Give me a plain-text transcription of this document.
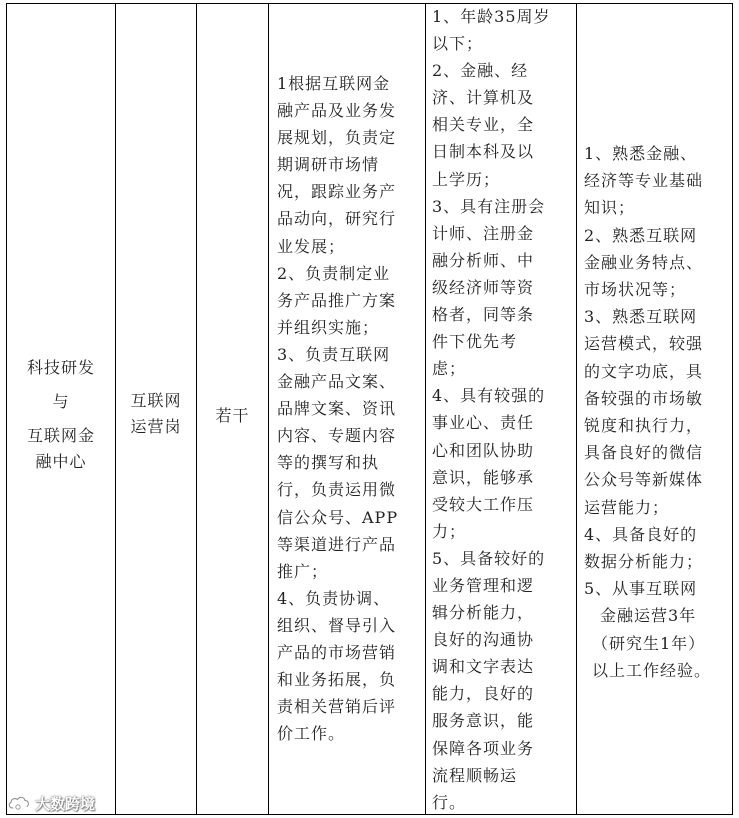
科技研发
与
互联网金
融中心
互联网
运营岗
若干
1根据互联网金
融产品及业务发
展规划，负责定
期调研市场情
况，跟踪业务产
品动向，研究行
业发展；
2、负责制定业
务产品推广方案
并组织实施；
3、负责互联网
金融产品文案、
品牌文案、资讯
内容、专题内容
等的撰写和执
行，负责运用微
信公众号、APP
等渠道进行产品
推广；
4、负责协调、
组织、督导引入
产品的市场营销
和业务拓展，负
责相关营销后评
价工作。
1、年龄35周岁
以下；
2、金融、经
济、计算机及
相关专业，全
日制本科及以
上学历；
3、具有注册会
计师、注册金
融分析师、中
级经济师等资
格者，同等条
件下优先考
虑；
4、具有较强的
事业心、责任
心和团队协助
意识，能够承
受较大工作压
力；
5、具备较好的
业务管理和逻
辑分析能力，
良好的沟通协
调和文字表达
能力，良好的
服务意识，能
保障各项业务
流程顺畅运
行。
1、熟悉金融、
经济等专业基础
知识；
2、熟悉互联网
金融业务特点、
市场状况等；
3、熟悉互联网
运营模式，较强
的文字功底，具
备较强的市场敏
锐度和执行力，
具备良好的微信
公众号等新媒体
运营能力；
4、具备良好的
数据分析能力；
5、从事互联网
金融运营3年
（研究生1年）
以上工作经验。
大数跨境
